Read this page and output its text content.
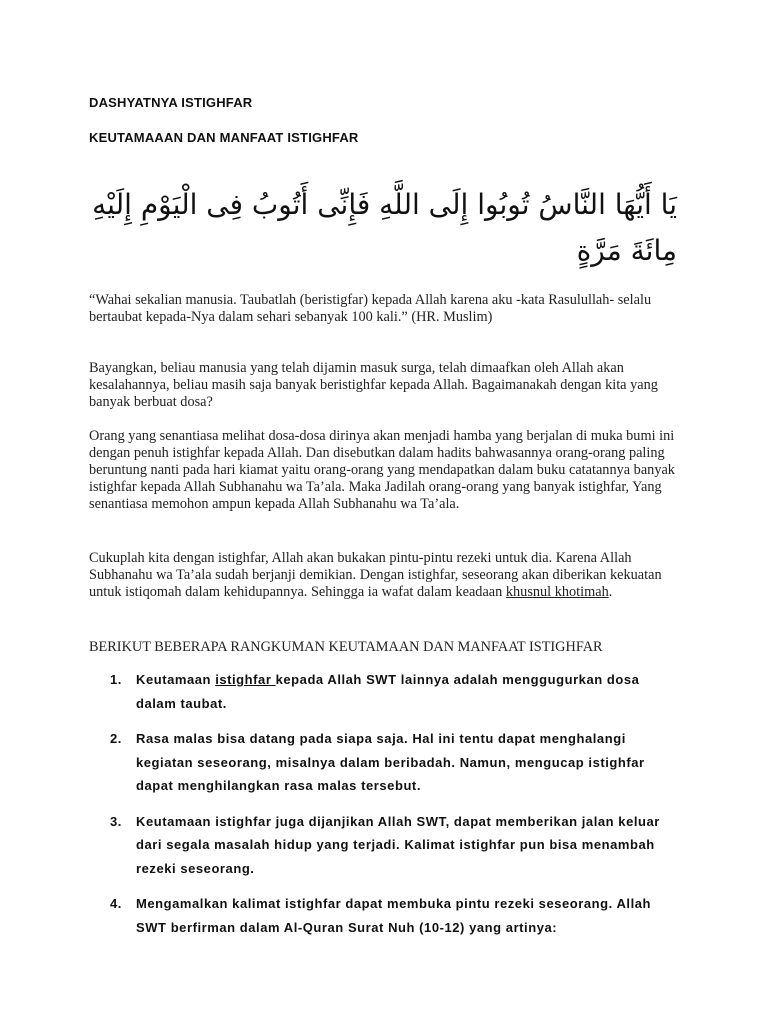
DASHYATNYA ISTIGHFAR
KEUTAMAAAN DAN MANFAAT ISTIGHFAR
يَا أَيُّهَا النَّاسُ تُوبُوا إِلَى اللَّهِ فَإِنِّى أَتُوبُ فِى الْيَوْمِ إِلَيْهِ مِائَةَ مَرَّةٍ

“Wahai sekalian manusia. Taubatlah (beristigfar) kepada Allah karena aku -kata Rasulullah- selalu bertaubat kepada-Nya dalam sehari sebanyak 100 kali.” (HR. Muslim)

Bayangkan, beliau manusia yang telah dijamin masuk surga, telah dimaafkan oleh Allah akan kesalahannya, beliau masih saja banyak beristighfar kepada Allah. Bagaimanakah dengan kita yang banyak berbuat dosa?

Orang yang senantiasa melihat dosa-dosa dirinya akan menjadi hamba yang berjalan di muka bumi ini dengan penuh istighfar kepada Allah. Dan disebutkan dalam hadits bahwasannya orang-orang paling beruntung nanti pada hari kiamat yaitu orang-orang yang mendapatkan dalam buku catatannya banyak istighfar kepada Allah Subhanahu wa Ta’ala. Maka Jadilah orang-orang yang banyak istighfar, Yang senantiasa memohon ampun kepada Allah Subhanahu wa Ta’ala.

Cukuplah kita dengan istighfar, Allah akan bukakan pintu-pintu rezeki untuk dia. Karena Allah Subhanahu wa Ta’ala sudah berjanji demikian. Dengan istighfar, seseorang akan diberikan kekuatan untuk istiqomah dalam kehidupannya. Sehingga ia wafat dalam keadaan khusnul khotimah.

BERIKUT BEBERAPA RANGKUMAN KEUTAMAAN DAN MANFAAT ISTIGHFAR
1. Keutamaan istighfar kepada Allah SWT lainnya adalah menggugurkan dosa dalam taubat.
2. Rasa malas bisa datang pada siapa saja. Hal ini tentu dapat menghalangi kegiatan seseorang, misalnya dalam beribadah. Namun, mengucap istighfar dapat menghilangkan rasa malas tersebut.
3. Keutamaan istighfar juga dijanjikan Allah SWT, dapat memberikan jalan keluar dari segala masalah hidup yang terjadi. Kalimat istighfar pun bisa menambah rezeki seseorang.
4. Mengamalkan kalimat istighfar dapat membuka pintu rezeki seseorang. Allah SWT berfirman dalam Al-Quran Surat Nuh (10-12) yang artinya:
